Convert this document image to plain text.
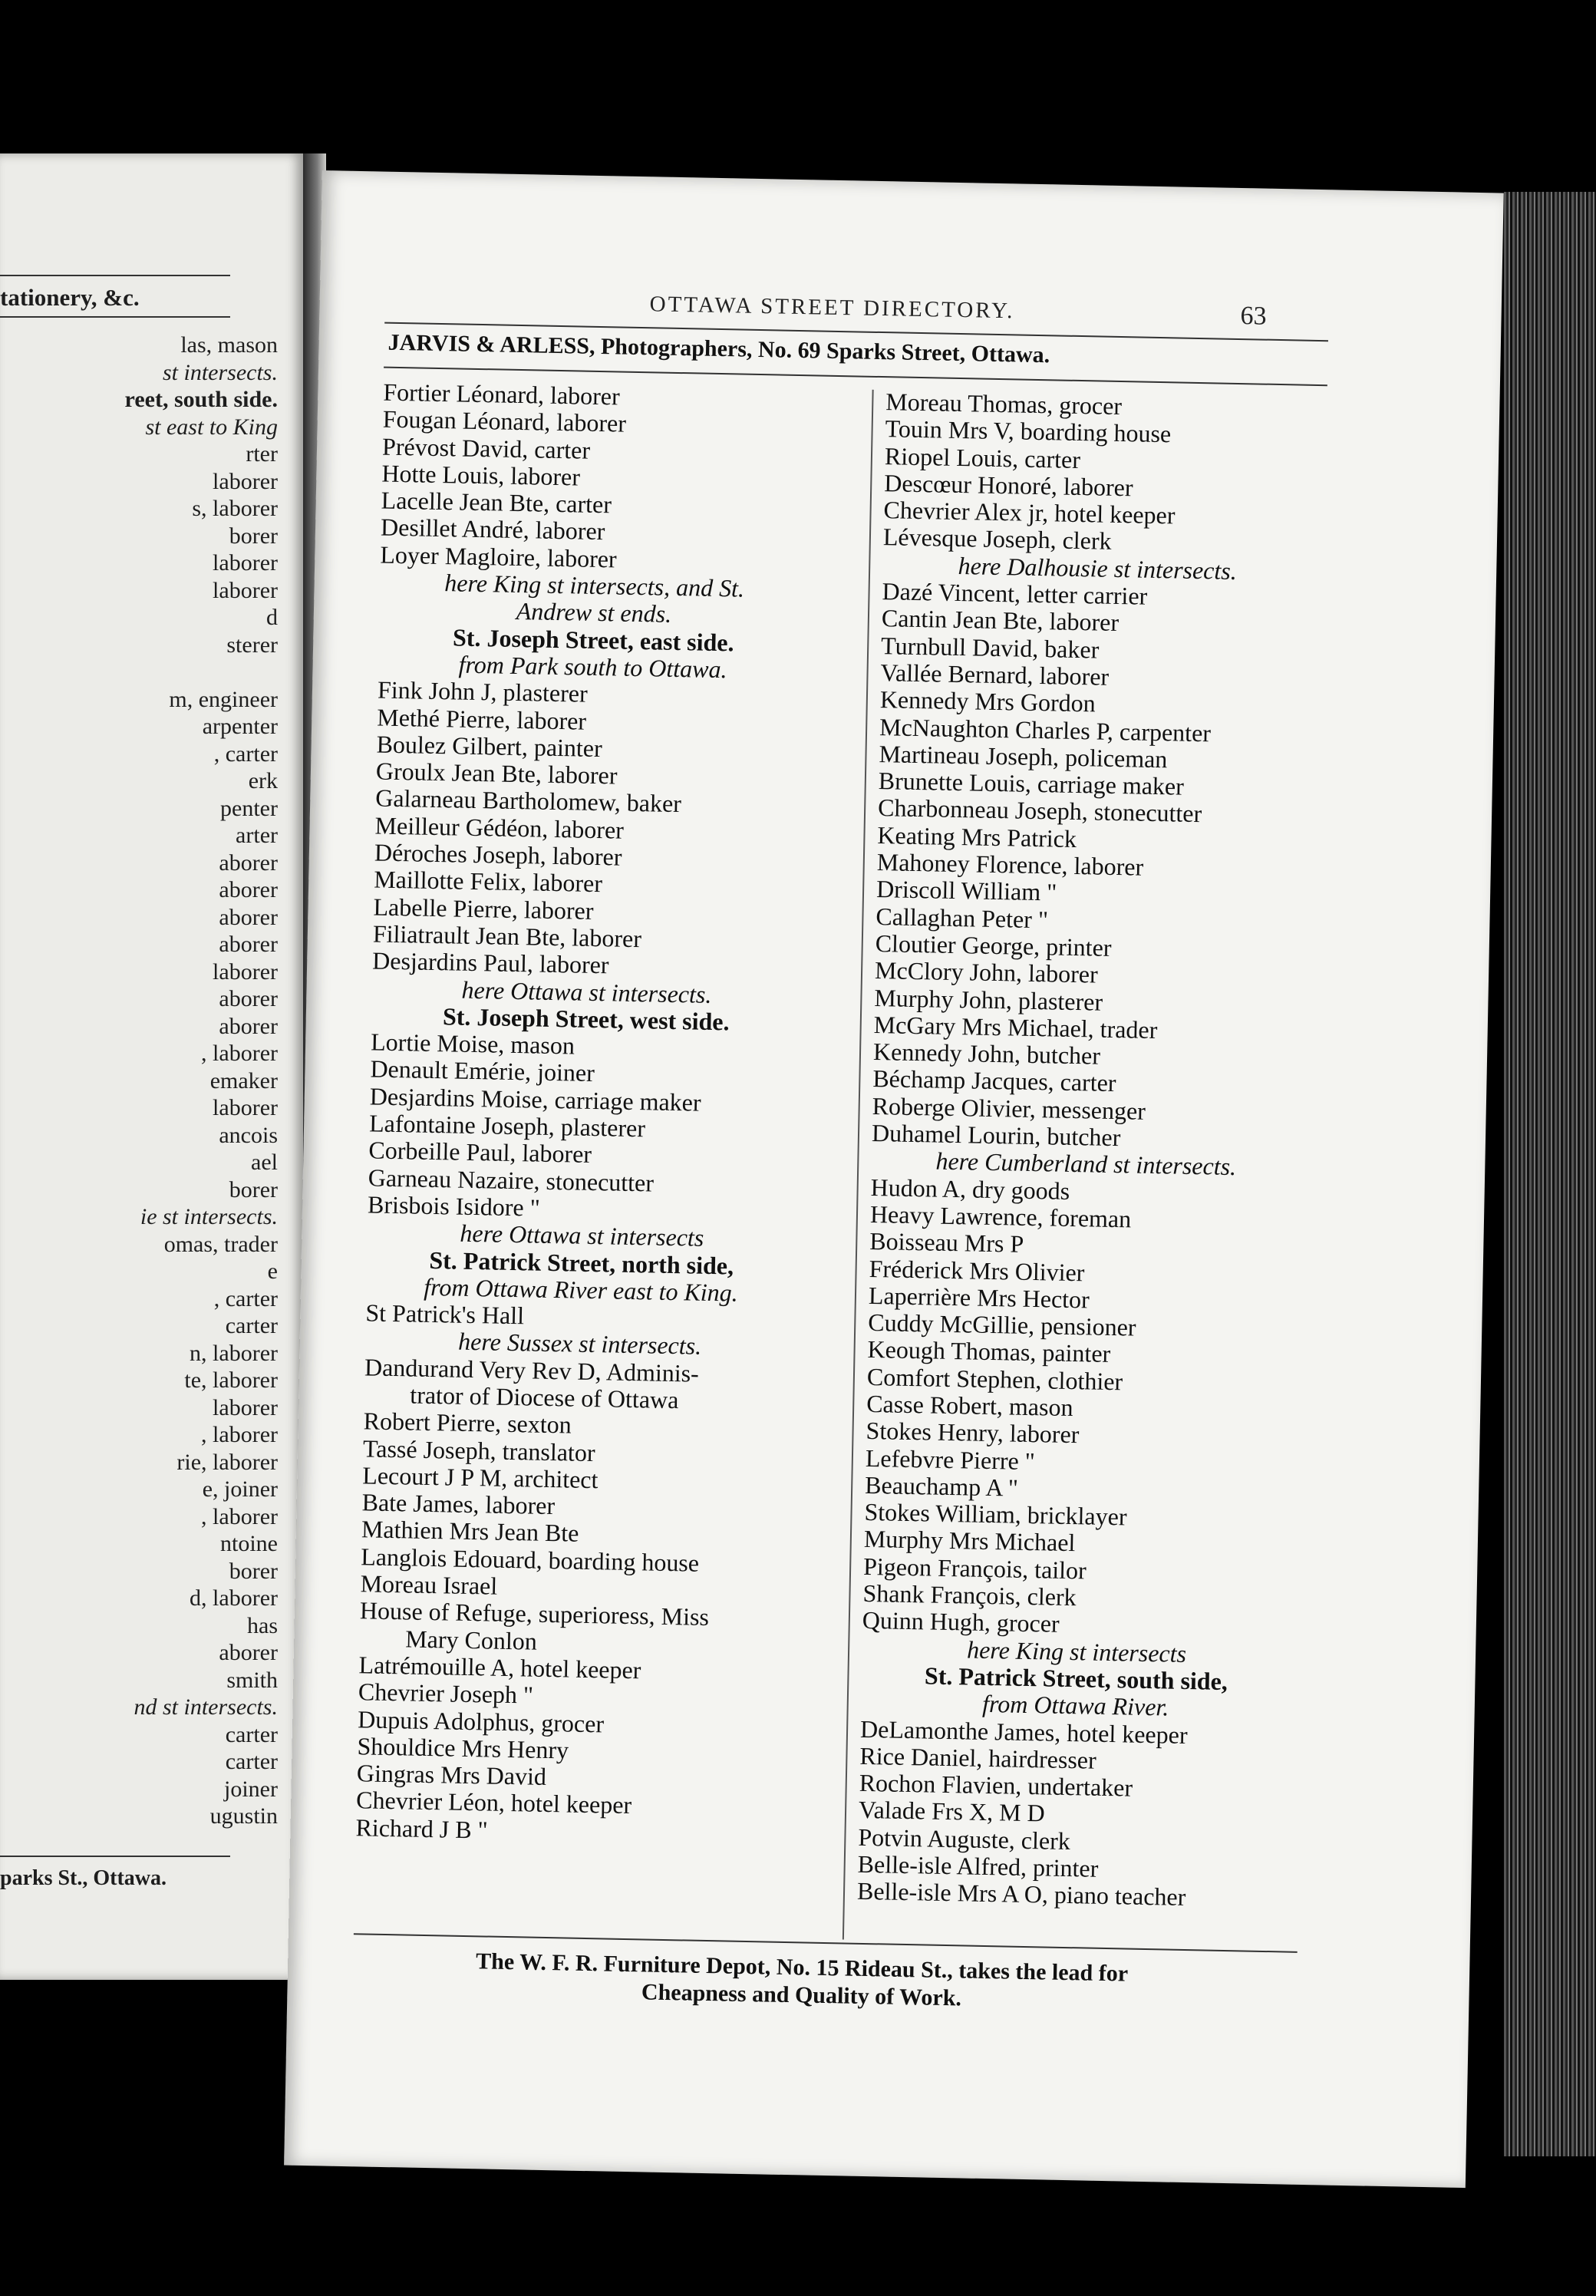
tationery, &c.
las, mason
st intersects.
reet, south side.
st east to King
rter
laborer
s, laborer
borer
laborer
laborer
d
sterer
m, engineer
arpenter
, carter
erk
penter
arter
aborer
aborer
aborer
aborer
laborer
aborer
aborer
, laborer
emaker
laborer
ancois
ael
borer
ie st intersects.
omas, trader
e
, carter
carter
n, laborer
te, laborer
laborer
, laborer
rie, laborer
e, joiner
, laborer
ntoine
borer
d, laborer
has
aborer
smith
nd st intersects.
carter
carter
joiner
ugustin
parks St., Ottawa.
OTTAWA STREET DIRECTORY.	63
JARVIS & ARLESS, Photographers, No. 69 Sparks Street, Ottawa.
Fortier Léonard, laborer
Fougan Léonard, laborer
Prévost David, carter
Hotte Louis, laborer
Lacelle Jean Bte, carter
Desillet André, laborer
Loyer Magloire, laborer
here King st intersects, and St.
Andrew st ends.
St. Joseph Street, east side.
from Park south to Ottawa.
Fink John J, plasterer
Methé Pierre, laborer
Boulez Gilbert, painter
Groulx Jean Bte, laborer
Galarneau Bartholomew, baker
Meilleur Gédéon, laborer
Déroches Joseph, laborer
Maillotte Felix, laborer
Labelle Pierre, laborer
Filiatrault Jean Bte, laborer
Desjardins Paul, laborer
here Ottawa st intersects.
St. Joseph Street, west side.
Lortie Moise, mason
Denault Emérie, joiner
Desjardins Moise, carriage maker
Lafontaine Joseph, plasterer
Corbeille Paul, laborer
Garneau Nazaire, stonecutter
Brisbois Isidore "
here Ottawa st intersects
St. Patrick Street, north side,
from Ottawa River east to King.
St Patrick's Hall
here Sussex st intersects.
Dandurand Very Rev D, Adminis-
trator of Diocese of Ottawa
Robert Pierre, sexton
Tassé Joseph, translator
Lecourt J P M, architect
Bate James, laborer
Mathien Mrs Jean Bte
Langlois Edouard, boarding house
Moreau Israel
House of Refuge, superioress, Miss
Mary Conlon
Latrémouille A, hotel keeper
Chevrier Joseph "
Dupuis Adolphus, grocer
Shouldice Mrs Henry
Gingras Mrs David
Chevrier Léon, hotel keeper
Richard J B "
Moreau Thomas, grocer
Touin Mrs V, boarding house
Riopel Louis, carter
Descœur Honoré, laborer
Chevrier Alex jr, hotel keeper
Lévesque Joseph, clerk
here Dalhousie st intersects.
Dazé Vincent, letter carrier
Cantin Jean Bte, laborer
Turnbull David, baker
Vallée Bernard, laborer
Kennedy Mrs Gordon
McNaughton Charles P, carpenter
Martineau Joseph, policeman
Brunette Louis, carriage maker
Charbonneau Joseph, stonecutter
Keating Mrs Patrick
Mahoney Florence, laborer
Driscoll William "
Callaghan Peter "
Cloutier George, printer
McClory John, laborer
Murphy John, plasterer
McGary Mrs Michael, trader
Kennedy John, butcher
Béchamp Jacques, carter
Roberge Olivier, messenger
Duhamel Lourin, butcher
here Cumberland st intersects.
Hudon A, dry goods
Heavy Lawrence, foreman
Boisseau Mrs P
Fréderick Mrs Olivier
Laperrière Mrs Hector
Cuddy McGillie, pensioner
Keough Thomas, painter
Comfort Stephen, clothier
Casse Robert, mason
Stokes Henry, laborer
Lefebvre Pierre "
Beauchamp A "
Stokes William, bricklayer
Murphy Mrs Michael
Pigeon François, tailor
Shank François, clerk
Quinn Hugh, grocer
here King st intersects
St. Patrick Street, south side,
from Ottawa River.
DeLamonthe James, hotel keeper
Rice Daniel, hairdresser
Rochon Flavien, undertaker
Valade Frs X, M D
Potvin Auguste, clerk
Belle-isle Alfred, printer
Belle-isle Mrs A O, piano teacher
The W. F. R. Furniture Depot, No. 15 Rideau St., takes the lead for
Cheapness and Quality of Work.
